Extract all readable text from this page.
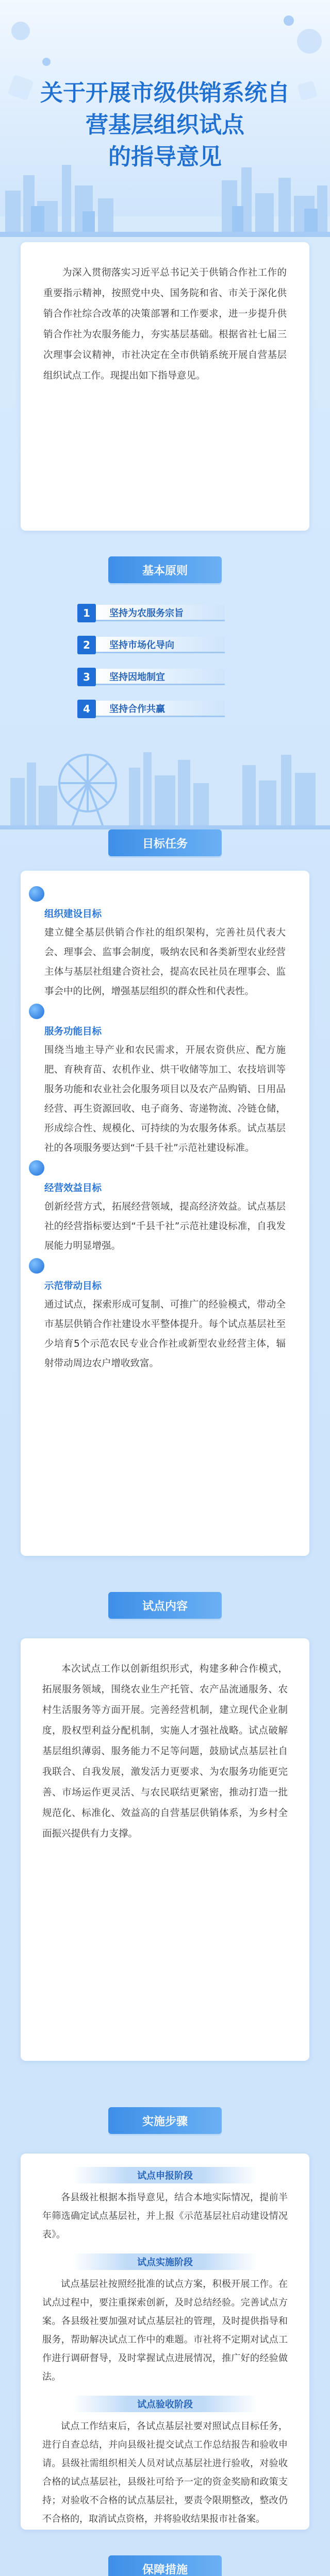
关于开展市级供销系统自
营基层组织试点
的指导意见

为深入贯彻落实习近平总书记关于供销合作社工作的重要指示精神，按照党中央、国务院和省、市关于深化供销合作社综合改革的决策部署和工作要求，进一步提升供销合作社为农服务能力，夯实基层基础。根据省社七届三次理事会议精神，市社决定在全市供销系统开展自营基层组织试点工作。现提出如下指导意见。

基本原则
1	坚持为农服务宗旨
2	坚持市场化导向
3	坚持因地制宜
4	坚持合作共赢
目标任务
组织建设目标
建立健全基层供销合作社的组织架构，完善社员代表大会、理事会、监事会制度，吸纳农民和各类新型农业经营主体与基层社组建合资社会，提高农民社员在理事会、监事会中的比例，增强基层组织的群众性和代表性。
服务功能目标
围绕当地主导产业和农民需求，开展农资供应、配方施肥、育秧育苗、农机作业、烘干收储等加工、农技培训等服务功能和农业社会化服务项目以及农产品购销、日用品经营、再生资源回收、电子商务、寄递物流、冷链仓储，形成综合性、规模化、可持续的为农服务体系。试点基层社的各项服务要达到“千县千社”示范社建设标准。
经营效益目标
创新经营方式，拓展经营领域，提高经济效益。试点基层社的经营指标要达到“千县千社”示范社建设标准，自我发展能力明显增强。
示范带动目标
通过试点，探索形成可复制、可推广的经验模式，带动全市基层供销合作社建设水平整体提升。每个试点基层社至少培育5个示范农民专业合作社或新型农业经营主体，辐射带动周边农户增收致富。
试点内容

本次试点工作以创新组织形式，构建多种合作模式，拓展服务领域，围绕农业生产托管、农产品流通服务、农村生活服务等方面开展。完善经营机制，建立现代企业制度，股权型利益分配机制，实施人才强社战略。试点破解基层组织薄弱、服务能力不足等问题，鼓励试点基层社自我联合、自我发展，激发活力更要求、为农服务功能更完善、市场运作更灵活、与农民联结更紧密，推动打造一批规范化、标准化、效益高的自营基层供销体系，为乡村全面振兴提供有力支撑。

实施步骤
试点申报阶段

各县级社根据本指导意见，结合本地实际情况，提前半年筛选确定试点基层社，并上报《示范基层社启动建设情况表》。

试点实施阶段

试点基层社按照经批准的试点方案，积极开展工作。在试点过程中，要注重探索创新，及时总结经验。完善试点方案。各县级社要加强对试点基层社的管理，及时提供指导和服务，帮助解决试点工作中的难题。市社将不定期对试点工作进行调研督导，及时掌握试点进展情况，推广好的经验做法。

试点验收阶段

试点工作结束后，各试点基层社要对照试点目标任务，进行自查总结，并向县级社提交试点工作总结报告和验收申请。县级社需组织相关人员对试点基层社进行验收，对验收合格的试点基层社，县级社可给予一定的资金奖励和政策支持；对验收不合格的试点基层社，要责令限期整改，整改仍不合格的，取消试点资格，并将验收结果报市社备案。

保障措施
